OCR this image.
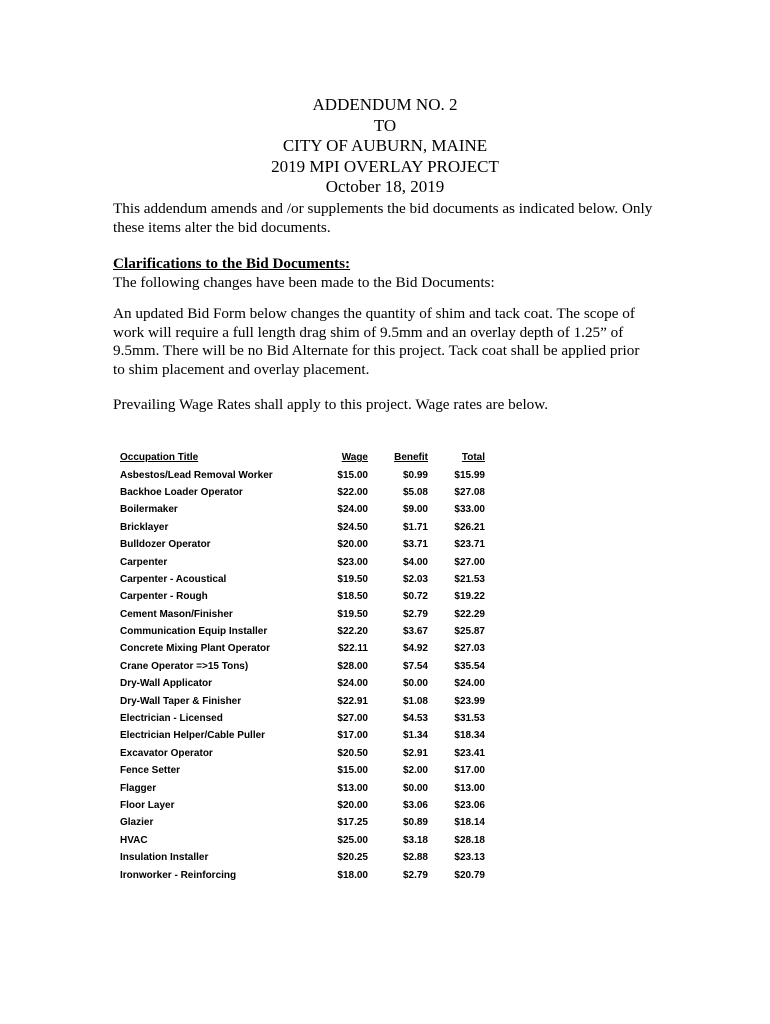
ADDENDUM NO. 2
TO
CITY OF AUBURN, MAINE
2019 MPI OVERLAY PROJECT
October 18, 2019
This addendum amends and /or supplements the bid documents as indicated below. Only
these items alter the bid documents.
Clarifications to the Bid Documents:
The following changes have been made to the Bid Documents:
An updated Bid Form below changes the quantity of shim and tack coat. The scope of
work will require a full length drag shim of 9.5mm and an overlay depth of 1.25” of
9.5mm. There will be no Bid Alternate for this project. Tack coat shall be applied prior
to shim placement and overlay placement.
Prevailing Wage Rates shall apply to this project. Wage rates are below.
Occupation Title	Wage	Benefit	Total
Asbestos/Lead Removal Worker	$15.00	$0.99	$15.99
Backhoe Loader Operator	$22.00	$5.08	$27.08
Boilermaker	$24.00	$9.00	$33.00
Bricklayer	$24.50	$1.71	$26.21
Bulldozer Operator	$20.00	$3.71	$23.71
Carpenter	$23.00	$4.00	$27.00
Carpenter - Acoustical	$19.50	$2.03	$21.53
Carpenter - Rough	$18.50	$0.72	$19.22
Cement Mason/Finisher	$19.50	$2.79	$22.29
Communication Equip Installer	$22.20	$3.67	$25.87
Concrete Mixing Plant Operator	$22.11	$4.92	$27.03
Crane Operator =>15 Tons)	$28.00	$7.54	$35.54
Dry-Wall Applicator	$24.00	$0.00	$24.00
Dry-Wall Taper & Finisher	$22.91	$1.08	$23.99
Electrician - Licensed	$27.00	$4.53	$31.53
Electrician Helper/Cable Puller	$17.00	$1.34	$18.34
Excavator Operator	$20.50	$2.91	$23.41
Fence Setter	$15.00	$2.00	$17.00
Flagger	$13.00	$0.00	$13.00
Floor Layer	$20.00	$3.06	$23.06
Glazier	$17.25	$0.89	$18.14
HVAC	$25.00	$3.18	$28.18
Insulation Installer	$20.25	$2.88	$23.13
Ironworker - Reinforcing	$18.00	$2.79	$20.79
